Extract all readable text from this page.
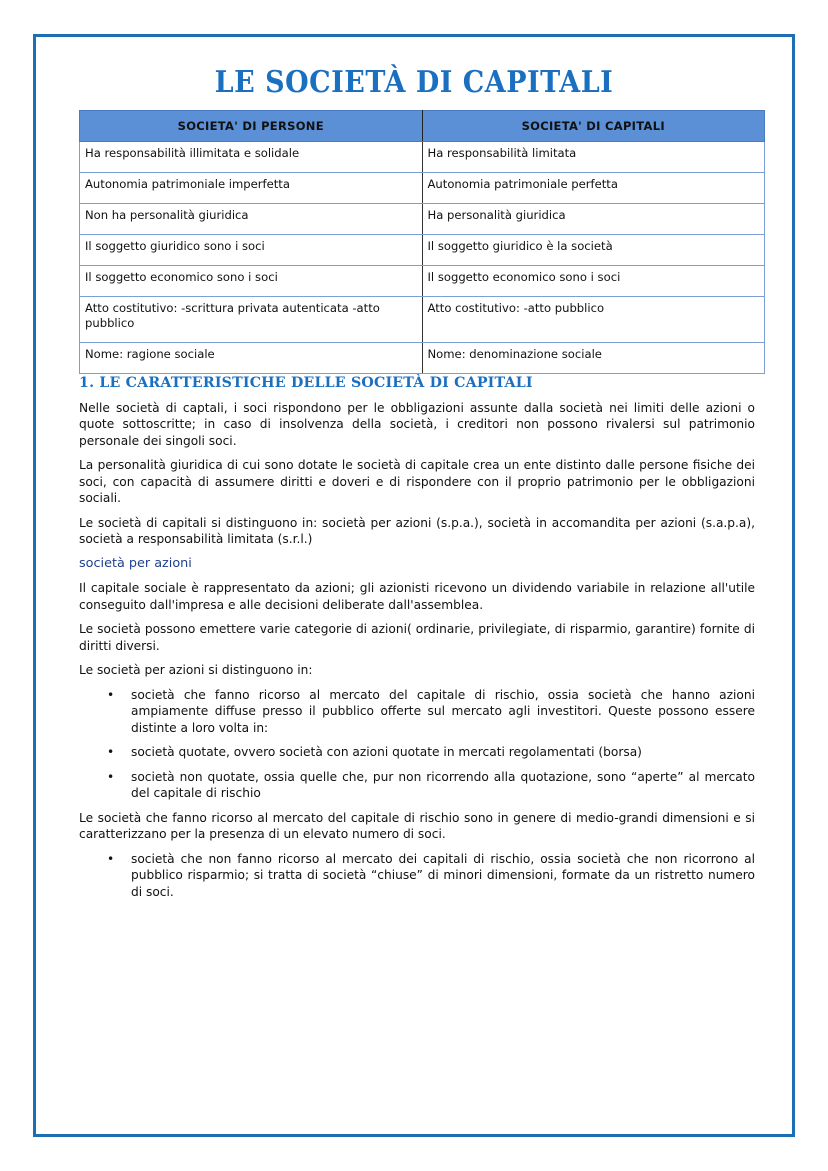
LE SOCIETÀ DI CAPITALI
SOCIETA' DI PERSONE	SOCIETA' DI CAPITALI
Ha responsabilità illimitata e solidale	Ha responsabilità limitata
Autonomia patrimoniale imperfetta	Autonomia patrimoniale perfetta
Non ha personalità giuridica	Ha personalità giuridica
Il soggetto giuridico sono i soci	Il soggetto giuridico è la società
Il soggetto economico sono i soci	Il soggetto economico sono i soci
Atto costitutivo: -scrittura privata autenticata -atto pubblico	Atto costitutivo: -atto pubblico
Nome: ragione sociale	Nome: denominazione sociale
1. LE CARATTERISTICHE DELLE SOCIETÀ DI CAPITALI

Nelle società di captali, i soci rispondono per le obbligazioni assunte dalla società nei limiti delle azioni o quote sottoscritte; in caso di insolvenza della società, i creditori non possono rivalersi sul patrimonio personale dei singoli soci.

La personalità giuridica di cui sono dotate le società di capitale crea un ente distinto dalle persone fisiche dei soci, con capacità di assumere diritti e doveri e di rispondere con il proprio patrimonio per le obbligazioni sociali.

Le società di capitali si distinguono in: società per azioni (s.p.a.), società in accomandita per azioni (s.a.p.a), società a responsabilità limitata (s.r.l.)

società per azioni

Il capitale sociale è rappresentato da azioni; gli azionisti ricevono un dividendo variabile in relazione all'utile conseguito dall'impresa e alle decisioni deliberate dall'assemblea.

Le società possono emettere varie categorie di azioni( ordinarie, privilegiate, di risparmio, garantire) fornite di diritti diversi.

Le società per azioni si distinguono in:

• società che fanno ricorso al mercato del capitale di rischio, ossia società che hanno azioni ampiamente diffuse presso il pubblico offerte sul mercato agli investitori. Queste possono essere distinte a loro volta in:
• società quotate, ovvero società con azioni quotate in mercati regolamentati (borsa)
• società non quotate, ossia quelle che, pur non ricorrendo alla quotazione, sono “aperte” al mercato del capitale di rischio

Le società che fanno ricorso al mercato del capitale di rischio sono in genere di medio-grandi dimensioni e si caratterizzano per la presenza di un elevato numero di soci.

• società che non fanno ricorso al mercato dei capitali di rischio, ossia società che non ricorrono al pubblico risparmio; si tratta di società “chiuse” di minori dimensioni, formate da un ristretto numero di soci.
